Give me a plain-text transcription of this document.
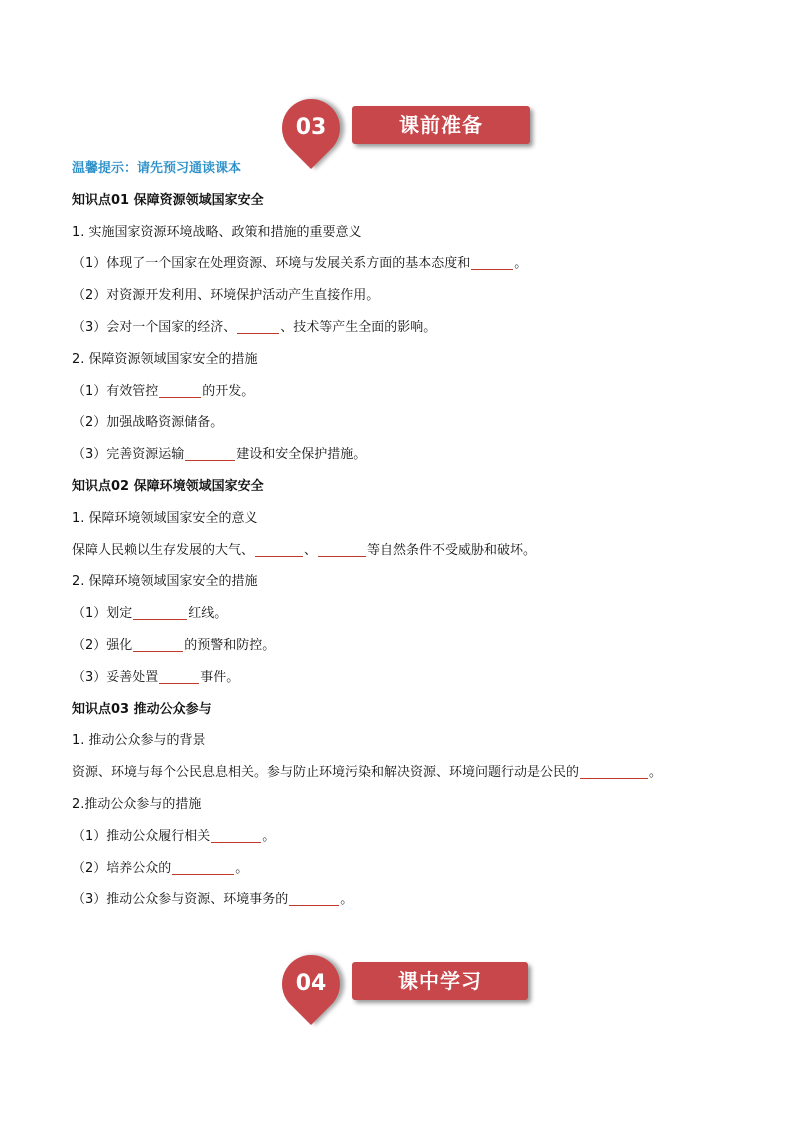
03	课前准备

温馨提示：请先预习通读课本

知识点01 保障资源领域国家安全

1. 实施国家资源环境战略、政策和措施的重要意义

（1）体现了一个国家在处理资源、环境与发展关系方面的基本态度和	。

（2）对资源开发利用、环境保护活动产生直接作用。

（3）会对一个国家的经济、	、技术等产生全面的影响。

2. 保障资源领域国家安全的措施

（1）有效管控	的开发。

（2）加强战略资源储备。

（3）完善资源运输	建设和安全保护措施。

知识点02 保障环境领域国家安全

1. 保障环境领域国家安全的意义

保障人民赖以生存发展的大气、	、	等自然条件不受威胁和破坏。

2. 保障环境领域国家安全的措施

（1）划定	红线。

（2）强化	的预警和防控。

（3）妥善处置	事件。

知识点03 推动公众参与

1. 推动公众参与的背景

资源、环境与每个公民息息相关。参与防止环境污染和解决资源、环境问题行动是公民的	。

2.推动公众参与的措施

（1）推动公众履行相关	。

（2）培养公众的	。

（3）推动公众参与资源、环境事务的	。

04	课中学习
